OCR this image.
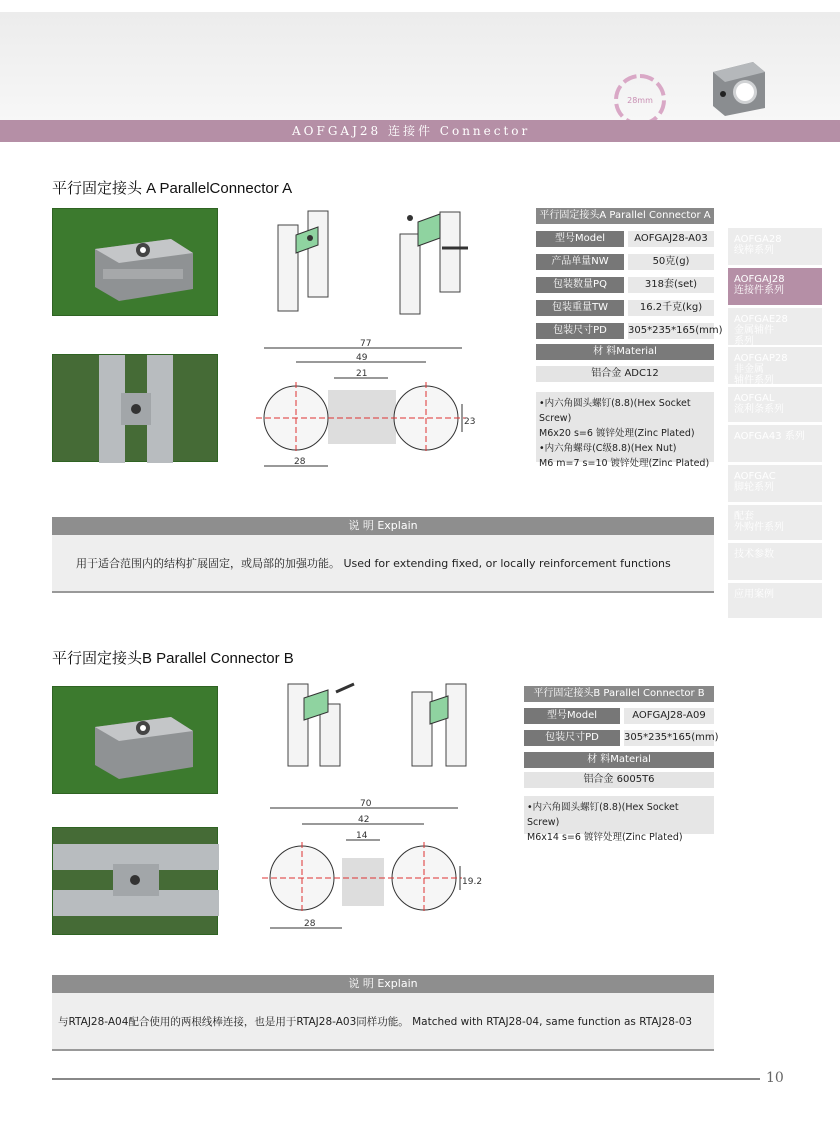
28mm
AOFGAJ28 连接件 Connector
AOFGA28
线棒系列
AOFGAJ28
连接件系列
AOFGAE28
金属辅件
系列
AOFGAP28
非金属
辅件系列
AOFGAL
流利条系列
AOFGA43 系列
AOFGAC
脚轮系列
配套
外购件系列
技术参数
应用案例
平行固定接头 A ParallelConnector A
77
49
21
23
28
平行固定接头A Parallel Connector A
型号Model	AOFGAJ28-A03
产品单量NW	50克(g)
包装数量PQ	318套(set)
包装重量TW	16.2千克(kg)
包装尺寸PD	305*235*165(mm)
材 料Material
铝合金 ADC12
•内六角圆头螺钉(8.8)(Hex Socket Screw)
M6x20 s=6 镀锌处理(Zinc Plated)
•内六角螺母(C级8.8)(Hex Nut)
M6 m=7 s=10 镀锌处理(Zinc Plated)
说 明 Explain
用于适合范围内的结构扩展固定，或局部的加强功能。 Used for extending fixed, or locally reinforcement functions
平行固定接头B Parallel Connector B
70
42
14
19.2
28
平行固定接头B Parallel Connector B
型号Model	AOFGAJ28-A09
包装尺寸PD	305*235*165(mm)
材 料Material
铝合金 6005T6
•内六角圆头螺钉(8.8)(Hex Socket Screw)
M6x14 s=6 镀锌处理(Zinc Plated)
说 明 Explain
与RTAJ28-A04配合使用的两根线棒连接，也是用于RTAJ28-A03同样功能。 Matched with RTAJ28-04, same function as RTAJ28-03
10
